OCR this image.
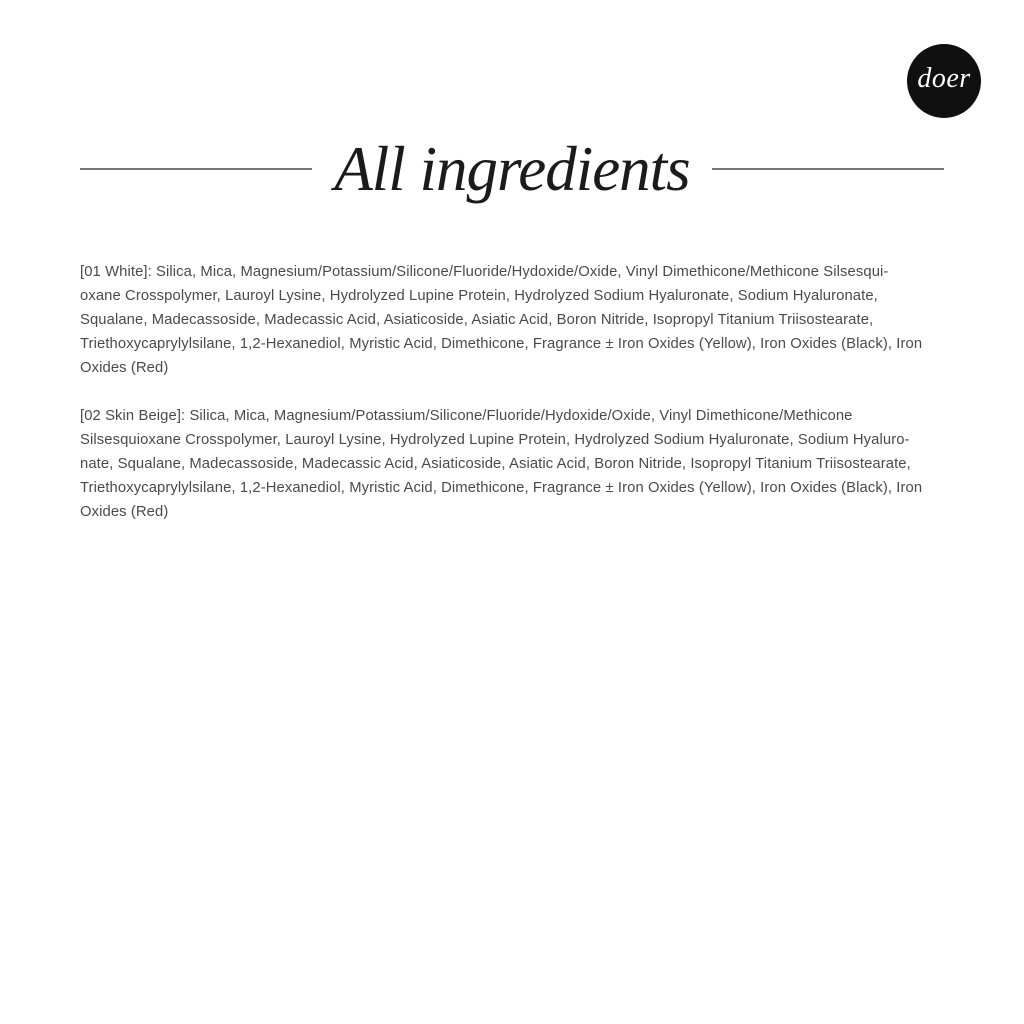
doer
All ingredients

[01 White]: Silica, Mica, Magnesium/Potassium/Silicone/Fluoride/Hydoxide/Oxide, Vinyl Dimethicone/Methicone Silsesqui-
oxane Crosspolymer, Lauroyl Lysine, Hydrolyzed Lupine Protein, Hydrolyzed Sodium Hyaluronate, Sodium Hyaluronate,
Squalane, Madecassoside, Madecassic Acid, Asiaticoside, Asiatic Acid, Boron Nitride, Isopropyl Titanium Triisostearate,
Triethoxycaprylylsilane, 1,2-Hexanediol, Myristic Acid, Dimethicone, Fragrance ± Iron Oxides (Yellow), Iron Oxides (Black), Iron
Oxides (Red)

[02 Skin Beige]: Silica, Mica, Magnesium/Potassium/Silicone/Fluoride/Hydoxide/Oxide, Vinyl Dimethicone/Methicone
Silsesquioxane Crosspolymer, Lauroyl Lysine, Hydrolyzed Lupine Protein, Hydrolyzed Sodium Hyaluronate, Sodium Hyaluro-
nate, Squalane, Madecassoside, Madecassic Acid, Asiaticoside, Asiatic Acid, Boron Nitride, Isopropyl Titanium Triisostearate,
Triethoxycaprylylsilane, 1,2-Hexanediol, Myristic Acid, Dimethicone, Fragrance ± Iron Oxides (Yellow), Iron Oxides (Black), Iron
Oxides (Red)
